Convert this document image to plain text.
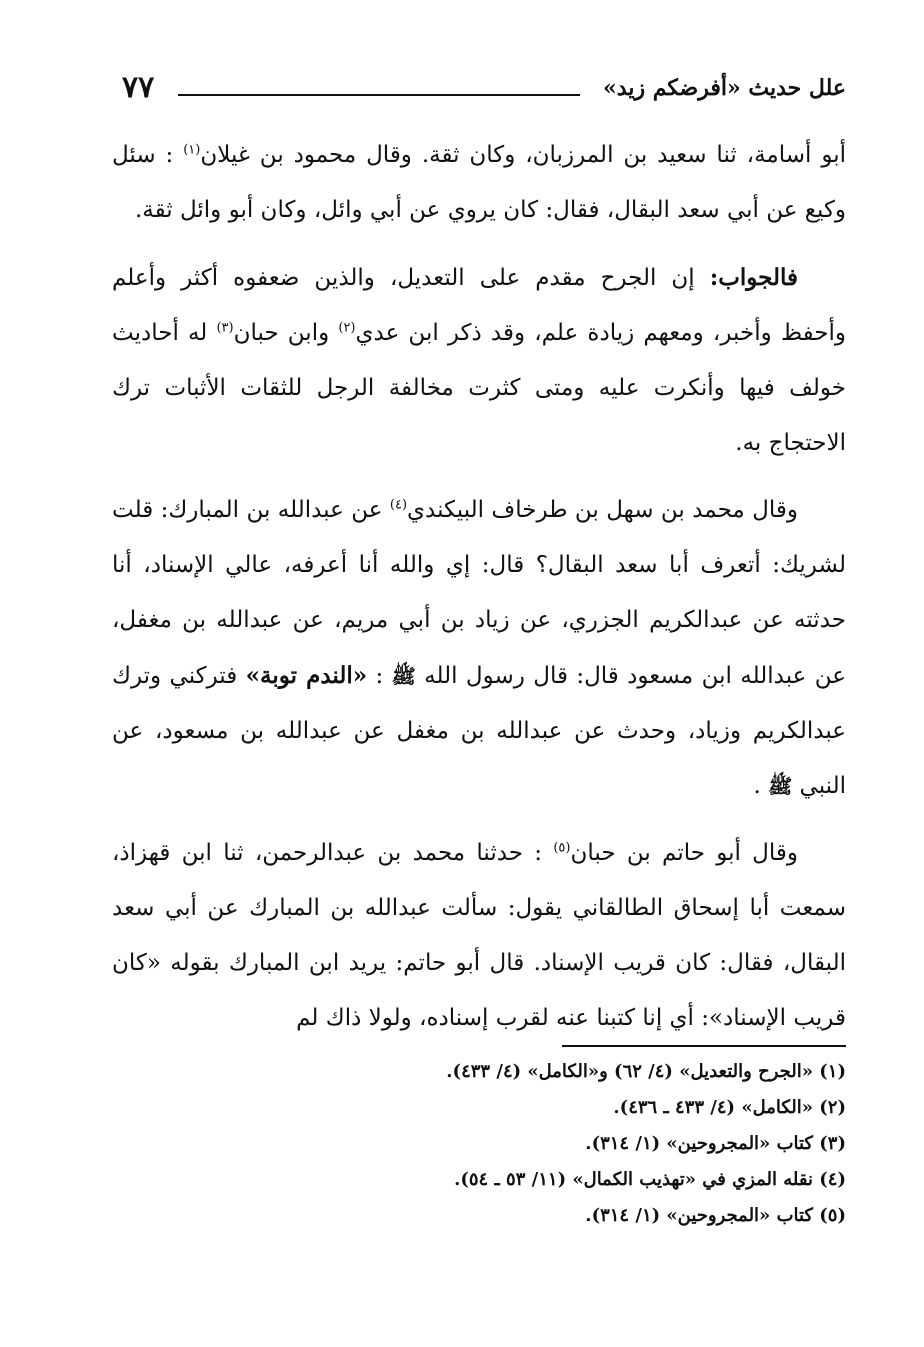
٧٧	علل حديث «أفرضكم زيد»

أبو أسامة، ثنا سعيد بن المرزبان، وكان ثقة. وقال محمود بن غيلان$^{(١)}$ : سئل وكيع عن أبي سعد البقال، فقال: كان يروي عن أبي وائل، وكان أبو وائل ثقة.

فالجواب: إن الجرح مقدم على التعديل، والذين ضعفوه أكثر وأعلم وأحفظ وأخبر، ومعهم زيادة علم، وقد ذكر ابن عدي$^{(٢)}$ وابن حبان$^{(٣)}$ له أحاديث خولف فيها وأنكرت عليه ومتى كثرت مخالفة الرجل للثقات الأثبات ترك الاحتجاج به.

وقال محمد بن سهل بن طرخاف البيكندي$^{(٤)}$ عن عبدالله بن المبارك: قلت لشريك: أتعرف أبا سعد البقال؟ قال: إي والله أنا أعرفه، عالي الإسناد، أنا حدثته عن عبدالكريم الجزري، عن زياد بن أبي مريم، عن عبدالله بن مغفل، عن عبدالله ابن مسعود قال: قال رسول الله ﷺ : «الندم توبة» فتركني وترك عبدالكريم وزياد، وحدث عن عبدالله بن مغفل عن عبدالله بن مسعود، عن النبي ﷺ .

وقال أبو حاتم بن حبان$^{(٥)}$ : حدثنا محمد بن عبدالرحمن، ثنا ابن قهزاذ، سمعت أبا إسحاق الطالقاني يقول: سألت عبدالله بن المبارك عن أبي سعد البقال، فقال: كان قريب الإسناد. قال أبو حاتم: يريد ابن المبارك بقوله «كان قريب الإسناد»: أي إنا كتبنا عنه لقرب إسناده، ولولا ذاك لم

(١) «الجرح والتعديل» (٤/ ٦٢) و«الكامل» (٤/ ٤٣٣).
(٢) «الكامل» (٤/ ٤٣٣ ـ ٤٣٦).
(٣) كتاب «المجروحين» (١/ ٣١٤).
(٤) نقله المزي في «تهذيب الكمال» (١١/ ٥٣ ـ ٥٤).
(٥) كتاب «المجروحين» (١/ ٣١٤).
